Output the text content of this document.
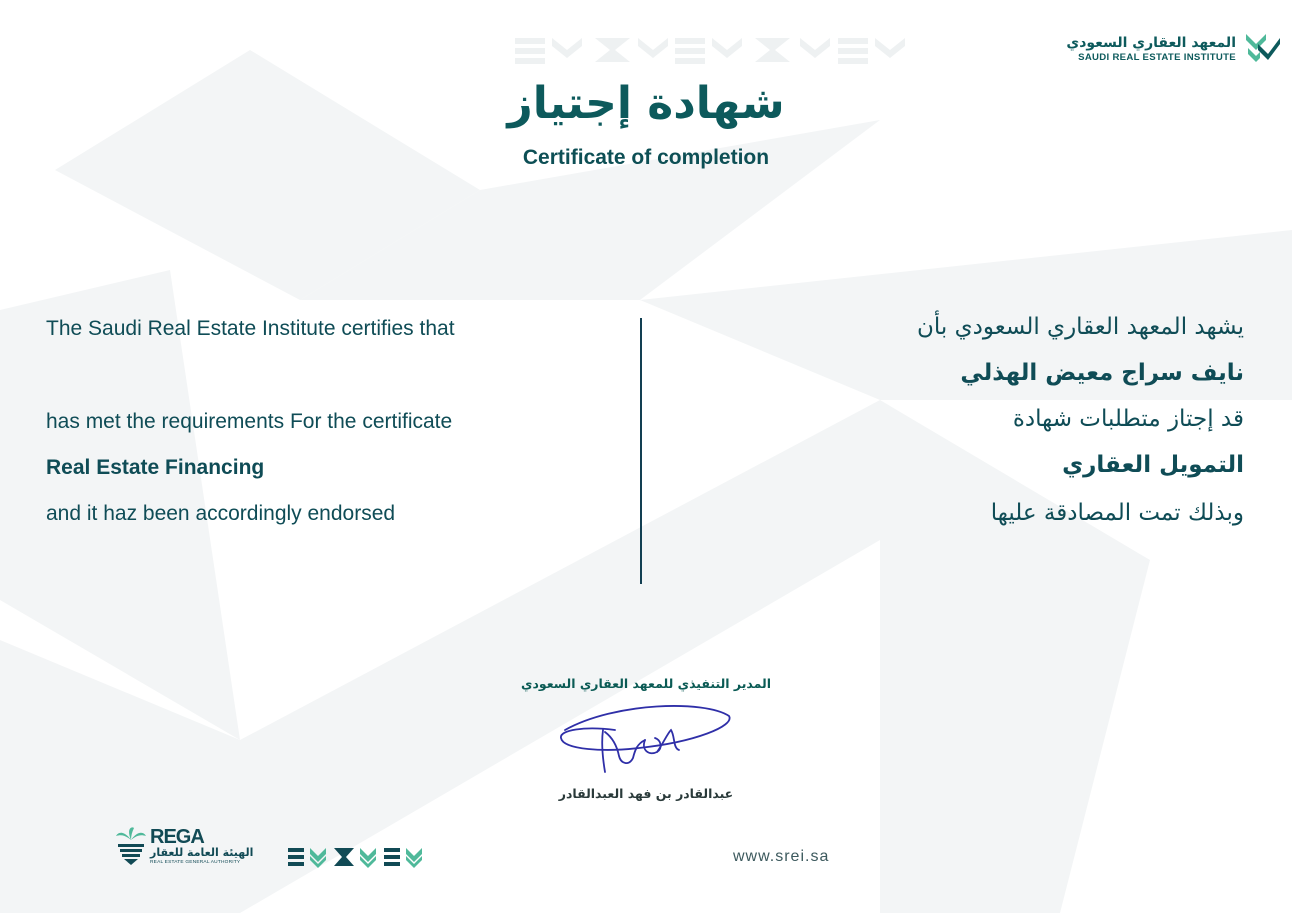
المعهد العقاري السعودي
SAUDI REAL ESTATE INSTITUTE
شهادة إجتياز
Certificate of completion
The Saudi Real Estate Institute certifies that
has met the requirements For the certificate
Real Estate Financing
and it haz been accordingly endorsed
يشهد المعهد العقاري السعودي بأن
نايف سراج معيض الهذلي
قد إجتاز متطلبات شهادة
التمويل العقاري
وبذلك تمت المصادقة عليها
المدير التنفيذي للمعهد العقاري السعودي
عبدالقادر بن فهد العبدالقادر
REGA
الهيئة العامة للعقار
REAL ESTATE GENERAL AUTHORITY	www.srei.sa
